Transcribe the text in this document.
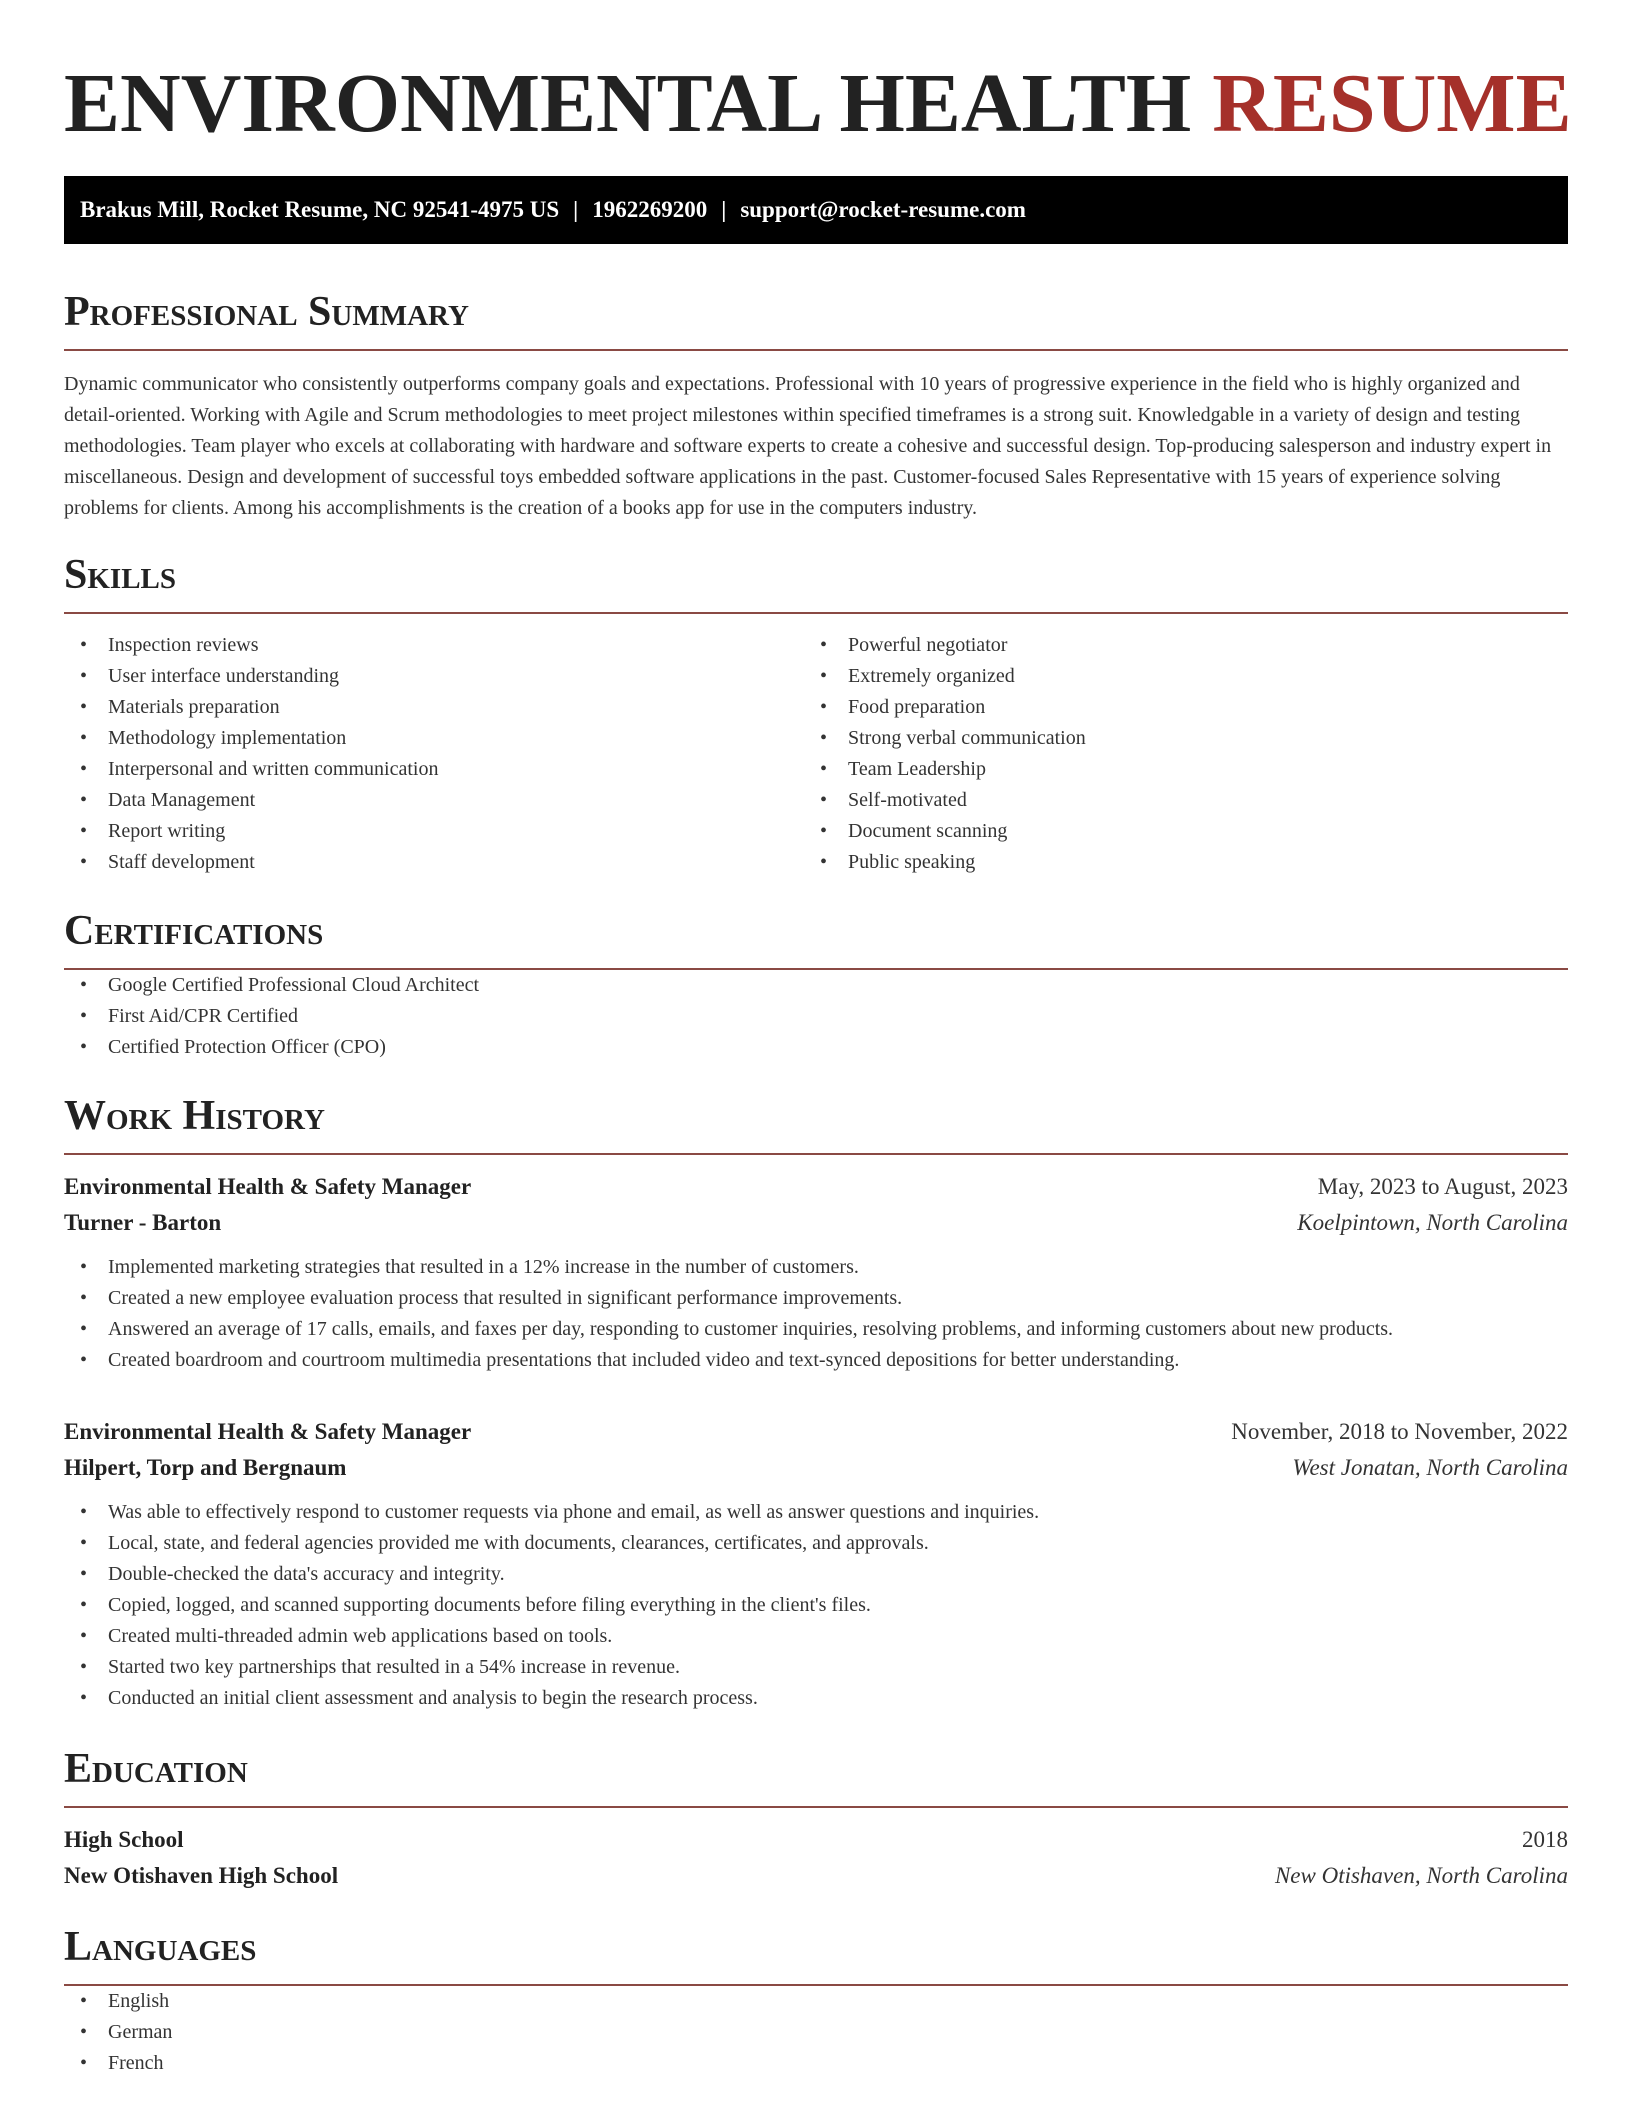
ENVIRONMENTAL HEALTH RESUME
Brakus Mill, Rocket Resume, NC 92541-4975 US | 1962269200 | support@rocket-resume.com
Professional Summary

Dynamic communicator who consistently outperforms company goals and expectations. Professional with 10 years of progressive experience in the field who is highly organized and detail-oriented. Working with Agile and Scrum methodologies to meet project milestones within specified timeframes is a strong suit. Knowledgable in a variety of design and testing methodologies. Team player who excels at collaborating with hardware and software experts to create a cohesive and successful design. Top-producing salesperson and industry expert in miscellaneous. Design and development of successful toys embedded software applications in the past. Customer-focused Sales Representative with 15 years of experience solving problems for clients. Among his accomplishments is the creation of a books app for use in the computers industry.

Skills
• Inspection reviews
• User interface understanding
• Materials preparation
• Methodology implementation
• Interpersonal and written communication
• Data Management
• Report writing
• Staff development
• Powerful negotiator
• Extremely organized
• Food preparation
• Strong verbal communication
• Team Leadership
• Self-motivated
• Document scanning
• Public speaking
Certifications
• Google Certified Professional Cloud Architect
• First Aid/CPR Certified
• Certified Protection Officer (CPO)
Work History
Environmental Health & Safety Manager	May, 2023 to August, 2023
Turner - Barton	Koelpintown, North Carolina
• Implemented marketing strategies that resulted in a 12% increase in the number of customers.
• Created a new employee evaluation process that resulted in significant performance improvements.
• Answered an average of 17 calls, emails, and faxes per day, responding to customer inquiries, resolving problems, and informing customers about new products.
• Created boardroom and courtroom multimedia presentations that included video and text-synced depositions for better understanding.
Environmental Health & Safety Manager	November, 2018 to November, 2022
Hilpert, Torp and Bergnaum	West Jonatan, North Carolina
• Was able to effectively respond to customer requests via phone and email, as well as answer questions and inquiries.
• Local, state, and federal agencies provided me with documents, clearances, certificates, and approvals.
• Double-checked the data's accuracy and integrity.
• Copied, logged, and scanned supporting documents before filing everything in the client's files.
• Created multi-threaded admin web applications based on tools.
• Started two key partnerships that resulted in a 54% increase in revenue.
• Conducted an initial client assessment and analysis to begin the research process.
Education
High School	2018
New Otishaven High School	New Otishaven, North Carolina
Languages
• English
• German
• French
